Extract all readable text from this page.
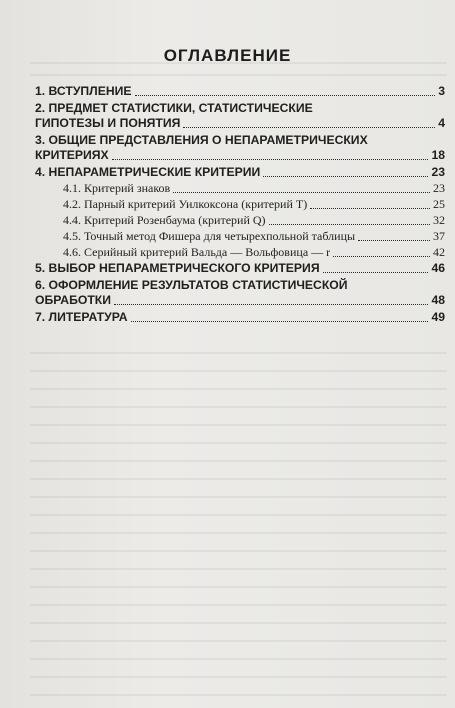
ОГЛАВЛЕНИЕ
1. ВСТУПЛЕНИЕ	3
2. ПРЕДМЕТ СТАТИСТИКИ, СТАТИСТИЧЕСКИЕ
ГИПОТЕЗЫ И ПОНЯТИЯ	4
3. ОБЩИЕ ПРЕДСТАВЛЕНИЯ О НЕПАРАМЕТРИЧЕСКИХ
КРИТЕРИЯХ	18
4. НЕПАРАМЕТРИЧЕСКИЕ КРИТЕРИИ	23
4.1. Критерий знаков	23
4.2. Парный критерий Уилкоксона (критерий T)	25
4.4. Критерий Розенбаума (критерий Q)	32
4.5. Точный метод Фишера для четырехпольной таблицы	37
4.6. Серийный критерий Вальда — Вольфовица — r	42
5. ВЫБОР НЕПАРАМЕТРИЧЕСКОГО КРИТЕРИЯ	46
6. ОФОРМЛЕНИЕ РЕЗУЛЬТАТОВ СТАТИСТИЧЕСКОЙ
ОБРАБОТКИ	48
7. ЛИТЕРАТУРА	49
